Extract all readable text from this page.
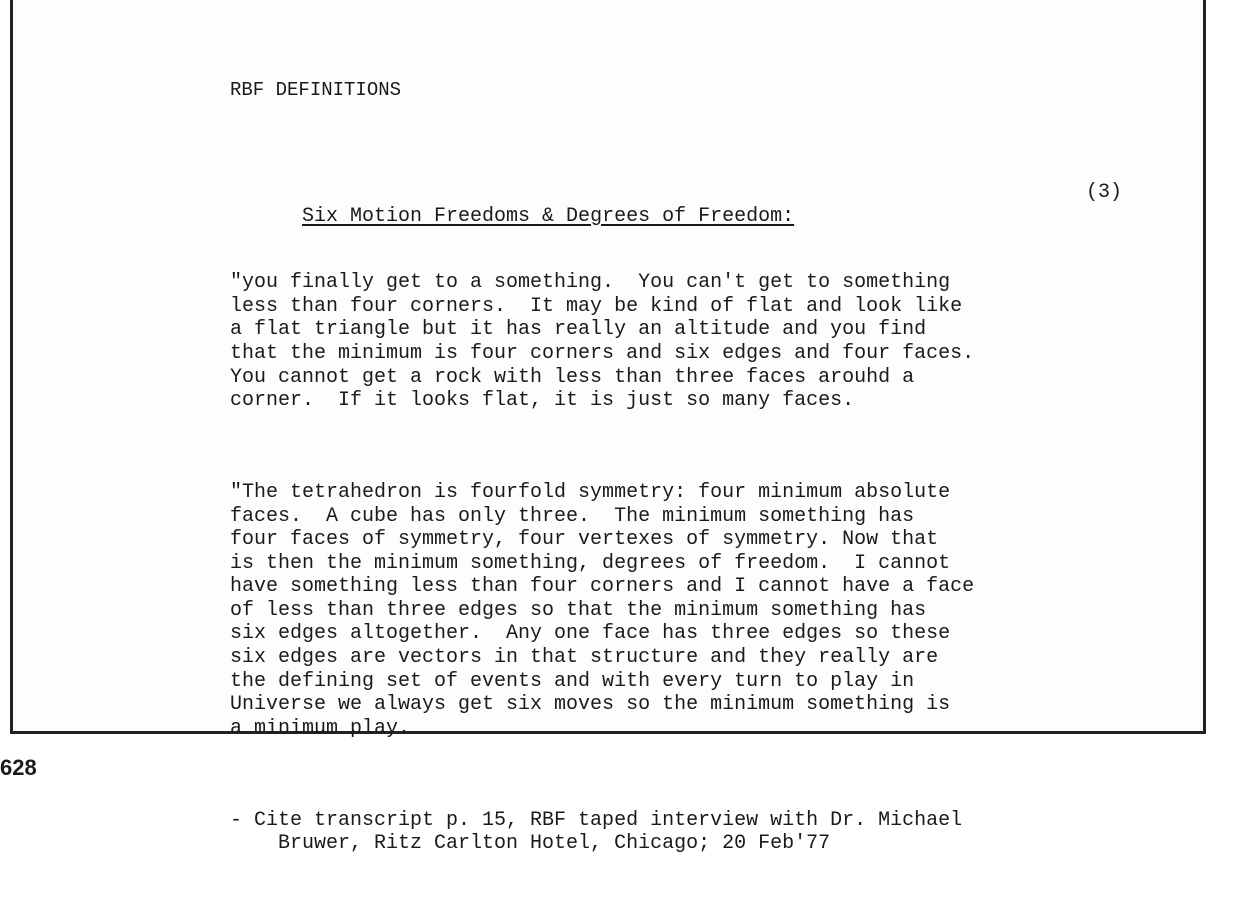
RBF DEFINITIONS

Six Motion Freedoms & Degrees of Freedom:

(3)

"you finally get to a something.  You can't get to something
less than four corners.  It may be kind of flat and look like
a flat triangle but it has really an altitude and you find
that the minimum is four corners and six edges and four faces.
You cannot get a rock with less than three faces arouhd a
corner.  If it looks flat, it is just so many faces.

"The tetrahedron is fourfold symmetry: four minimum absolute
faces.  A cube has only three.  The minimum something has
four faces of symmetry, four vertexes of symmetry. Now that
is then the minimum something, degrees of freedom.  I cannot
have something less than four corners and I cannot have a face
of less than three edges so that the minimum something has
six edges altogether.  Any one face has three edges so these
six edges are vectors in that structure and they really are
the defining set of events and with every turn to play in
Universe we always get six moves so the minimum something is
a minimum play.

- Cite transcript p. 15, RBF taped interview with Dr. Michael
Bruwer, Ritz Carlton Hotel, Chicago; 20 Feb'77

628
